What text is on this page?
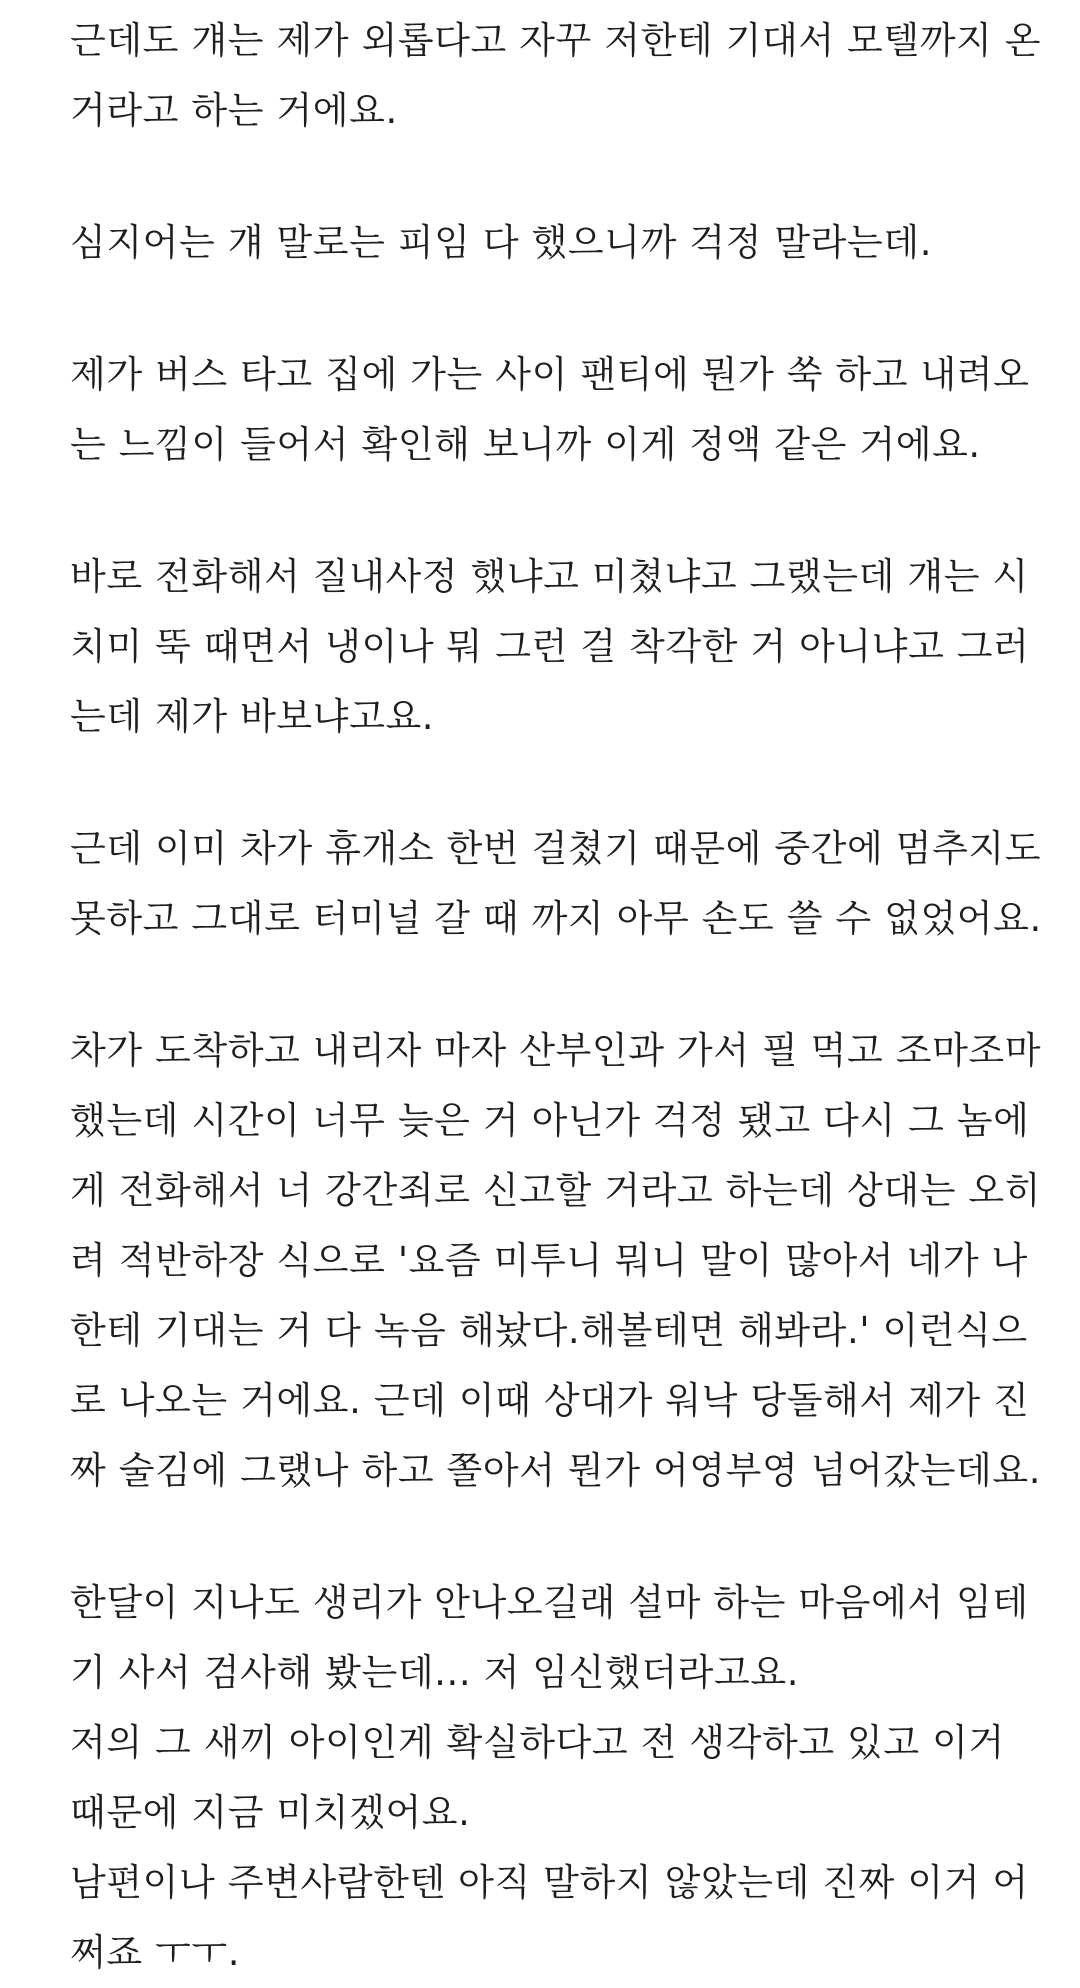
근데도 걔는 제가 외롭다고 자꾸 저한테 기대서 모텔까지 온
거라고 하는 거에요.
심지어는 걔 말로는 피임 다 했으니까 걱정 말라는데.
제가 버스 타고 집에 가는 사이 팬티에 뭔가 쑥 하고 내려오
는 느낌이 들어서 확인해 보니까 이게 정액 같은 거에요.
바로 전화해서 질내사정 했냐고 미쳤냐고 그랬는데 걔는 시
치미 뚝 때면서 냉이나 뭐 그런 걸 착각한 거 아니냐고 그러
는데 제가 바보냐고요.
근데 이미 차가 휴개소 한번 걸쳤기 때문에 중간에 멈추지도
못하고 그대로 터미널 갈 때 까지 아무 손도 쓸 수 없었어요.
차가 도착하고 내리자 마자 산부인과 가서 필 먹고 조마조마
했는데 시간이 너무 늦은 거 아닌가 걱정 됐고 다시 그 놈에
게 전화해서 너 강간죄로 신고할 거라고 하는데 상대는 오히
려 적반하장 식으로 '요즘 미투니 뭐니 말이 많아서 네가 나
한테 기대는 거 다 녹음 해놨다.해볼테면 해봐라.' 이런식으
로 나오는 거에요. 근데 이때 상대가 워낙 당돌해서 제가 진
짜 술김에 그랬나 하고 쫄아서 뭔가 어영부영 넘어갔는데요.
한달이 지나도 생리가 안나오길래 설마 하는 마음에서 임테
기 사서 검사해 봤는데... 저 임신했더라고요.
저의 그 새끼 아이인게 확실하다고 전 생각하고 있고 이거
때문에 지금 미치겠어요.
남편이나 주변사람한텐 아직 말하지 않았는데 진짜 이거 어
쩌죠 ㅜㅜ.
